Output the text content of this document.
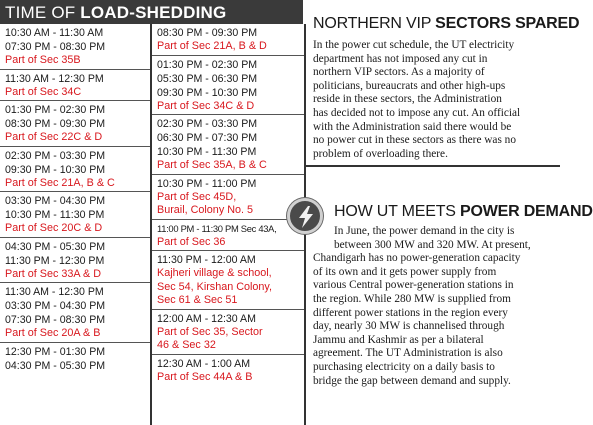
TIME OF LOAD-SHEDDING
10:30 AM - 11:30 AM
07:30 PM - 08:30 PM
Part of Sec 35B
11:30 AM - 12:30 PM
Part of Sec 34C
01:30 PM - 02:30 PM
08:30 PM - 09:30 PM
Part of Sec 22C & D
02:30 PM - 03:30 PM
09:30 PM - 10:30 PM
Part of Sec 21A, B & C
03:30 PM - 04:30 PM
10:30 PM - 11:30 PM
Part of Sec 20C & D
04:30 PM - 05:30 PM
11:30 PM - 12:30 PM
Part of Sec 33A & D
11:30 AM - 12:30 PM
03:30 PM - 04:30 PM
07:30 PM - 08:30 PM
Part of Sec 20A & B
12:30 PM - 01:30 PM
04:30 PM - 05:30 PM
08:30 PM - 09:30 PM
Part of Sec 21A, B & D
01:30 PM - 02:30 PM
05:30 PM - 06:30 PM
09:30 PM - 10:30 PM
Part of Sec 34C & D
02:30 PM - 03:30 PM
06:30 PM - 07:30 PM
10:30 PM - 11:30 PM
Part of Sec 35A, B & C
10:30 PM - 11:00 PM
Part of Sec 45D,
Burail, Colony No. 5
11:00 PM - 11:30 PM Sec 43A,
Part of Sec 36
11:30 PM - 12:00 AM
Kajheri village & school,
Sec 54, Kirshan Colony,
Sec 61 & Sec 51
12:00 AM - 12:30 AM
Part of Sec 35, Sector
46 & Sec 32
12:30 AM - 1:00 AM
Part of Sec 44A & B
NORTHERN VIP SECTORS SPARED
In the power cut schedule, the UT electricity
department has not imposed any cut in
northern VIP sectors. As a majority of
politicians, bureaucrats and other high-ups
reside in these sectors, the Administration
has decided not to impose any cut. An official
with the Administration said there would be
no power cut in these sectors as there was no
problem of overloading there.
HOW UT MEETS POWER DEMAND
In June, the power demand in the city is
between 300 MW and 320 MW. At present,
Chandigarh has no power-generation capacity
of its own and it gets power supply from
various Central power-generation stations in
the region. While 280 MW is supplied from
different power stations in the region every
day, nearly 30 MW is channelised through
Jammu and Kashmir as per a bilateral
agreement. The UT Administration is also
purchasing electricity on a daily basis to
bridge the gap between demand and supply.
